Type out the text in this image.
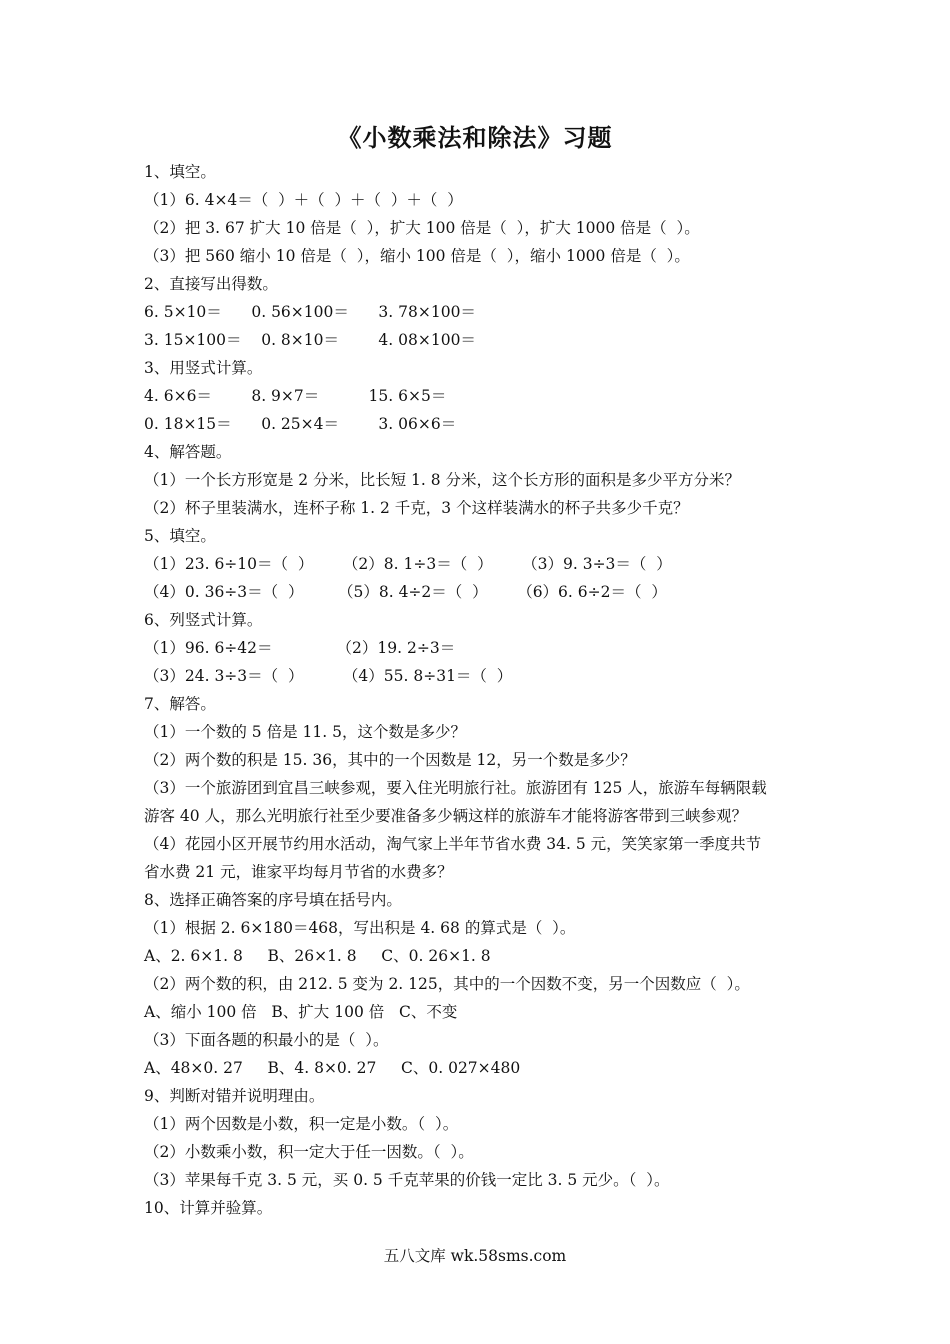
《小数乘法和除法》习题
1、填空。
（1）6. 4×4＝（  ）＋（  ）＋（  ）＋（  ）
（2）把 3. 67 扩大 10 倍是（  ），扩大 100 倍是（  ），扩大 1000 倍是（  ）。
（3）把 560 缩小 10 倍是（  ），缩小 100 倍是（  ），缩小 1000 倍是（  ）。
2、直接写出得数。
6. 5×10＝      0. 56×100＝      3. 78×100＝
3. 15×100＝    0. 8×10＝        4. 08×100＝
3、用竖式计算。
4. 6×6＝        8. 9×7＝          15. 6×5＝
0. 18×15＝      0. 25×4＝        3. 06×6＝
4、解答题。
（1）一个长方形宽是 2 分米，比长短 1. 8 分米，这个长方形的面积是多少平方分米？
（2）杯子里装满水，连杯子称 1. 2 千克，3 个这样装满水的杯子共多少千克？
5、填空。
（1）23. 6÷10＝（  ）      （2）8. 1÷3＝（  ）      （3）9. 3÷3＝（  ）
（4）0. 36÷3＝（  ）       （5）8. 4÷2＝（  ）      （6）6. 6÷2＝（  ）
6、列竖式计算。
（1）96. 6÷42＝             （2）19. 2÷3＝
（3）24. 3÷3＝（  ）        （4）55. 8÷31＝（  ）
7、解答。
（1）一个数的 5 倍是 11. 5，这个数是多少？
（2）两个数的积是 15. 36，其中的一个因数是 12，另一个数是多少？
（3）一个旅游团到宜昌三峡参观，要入住光明旅行社。旅游团有 125 人，旅游车每辆限载
游客 40 人，那么光明旅行社至少要准备多少辆这样的旅游车才能将游客带到三峡参观？
（4）花园小区开展节约用水活动，淘气家上半年节省水费 34. 5 元，笑笑家第一季度共节
省水费 21 元，谁家平均每月节省的水费多？
8、选择正确答案的序号填在括号内。
（1）根据 2. 6×180＝468，写出积是 4. 68 的算式是（  ）。
A、2. 6×1. 8     B、26×1. 8     C、0. 26×1. 8
（2）两个数的积，由 212. 5 变为 2. 125，其中的一个因数不变，另一个因数应（  ）。
A、缩小 100 倍   B、扩大 100 倍   C、不变
（3）下面各题的积最小的是（  ）。
A、48×0. 27     B、4. 8×0. 27     C、0. 027×480
9、判断对错并说明理由。
（1）两个因数是小数，积一定是小数。（  ）。
（2）小数乘小数，积一定大于任一因数。（  ）。
（3）苹果每千克 3. 5 元，买 0. 5 千克苹果的价钱一定比 3. 5 元少。（  ）。
10、计算并验算。
五八文库 wk.58sms.com
